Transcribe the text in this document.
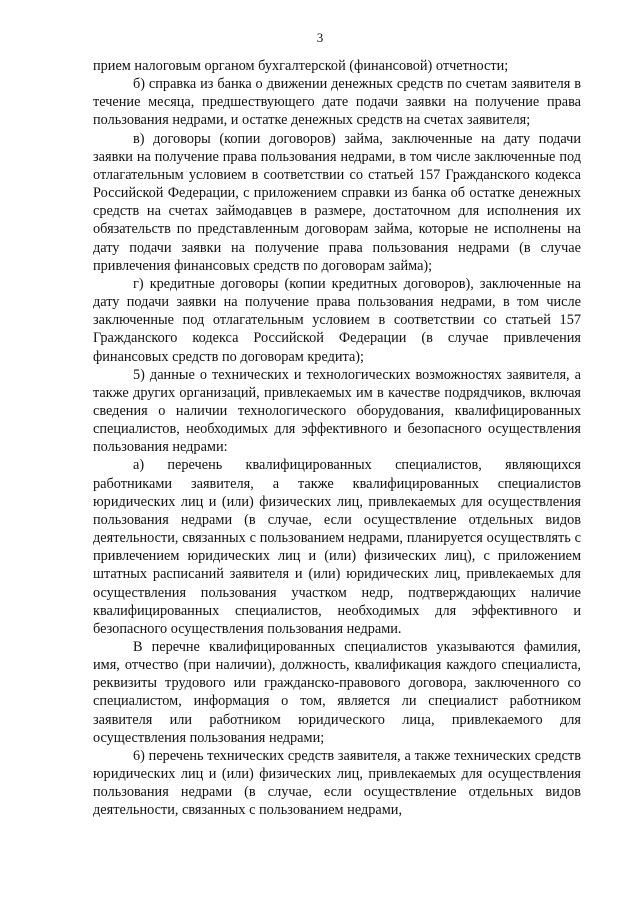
3

прием налоговым органом бухгалтерской (финансовой) отчетности;

б) справка из банка о движении денежных средств по счетам заявителя в течение месяца, предшествующего дате подачи заявки на получение права пользования недрами, и остатке денежных средств на счетах заявителя;

в) договоры (копии договоров) займа, заключенные на дату подачи заявки на получение права пользования недрами, в том числе заключенные под отлагательным условием в соответствии со статьей 157 Гражданского кодекса Российской Федерации, с приложением справки из банка об остатке денежных средств на счетах займодавцев в размере, достаточном для исполнения их обязательств по представленным договорам займа, которые не исполнены на дату подачи заявки на получение права пользования недрами (в случае привлечения финансовых средств по договорам займа);

г) кредитные договоры (копии кредитных договоров), заключенные на дату подачи заявки на получение права пользования недрами, в том числе заключенные под отлагательным условием в соответствии со статьей 157 Гражданского кодекса Российской Федерации (в случае привлечения финансовых средств по договорам кредита);

5) данные о технических и технологических возможностях заявителя, а также других организаций, привлекаемых им в качестве подрядчиков, включая сведения о наличии технологического оборудования, квалифицированных специалистов, необходимых для эффективного и безопасного осуществления пользования недрами:

а) перечень квалифицированных специалистов, являющихся работниками заявителя, а также квалифицированных специалистов юридических лиц и (или) физических лиц, привлекаемых для осуществления пользования недрами (в случае, если осуществление отдельных видов деятельности, связанных с пользованием недрами, планируется осуществлять с привлечением юридических лиц и (или) физических лиц), с приложением штатных расписаний заявителя и (или) юридических лиц, привлекаемых для осуществления пользования участком недр, подтверждающих наличие квалифицированных специалистов, необходимых для эффективного и безопасного осуществления пользования недрами.

В перечне квалифицированных специалистов указываются фамилия, имя, отчество (при наличии), должность, квалификация каждого специалиста, реквизиты трудового или гражданско-правового договора, заключенного со специалистом, информация о том, является ли специалист работником заявителя или работником юридического лица, привлекаемого для осуществления пользования недрами;

6) перечень технических средств заявителя, а также технических средств юридических лиц и (или) физических лиц, привлекаемых для осуществления пользования недрами (в случае, если осуществление отдельных видов деятельности, связанных с пользованием недрами,
